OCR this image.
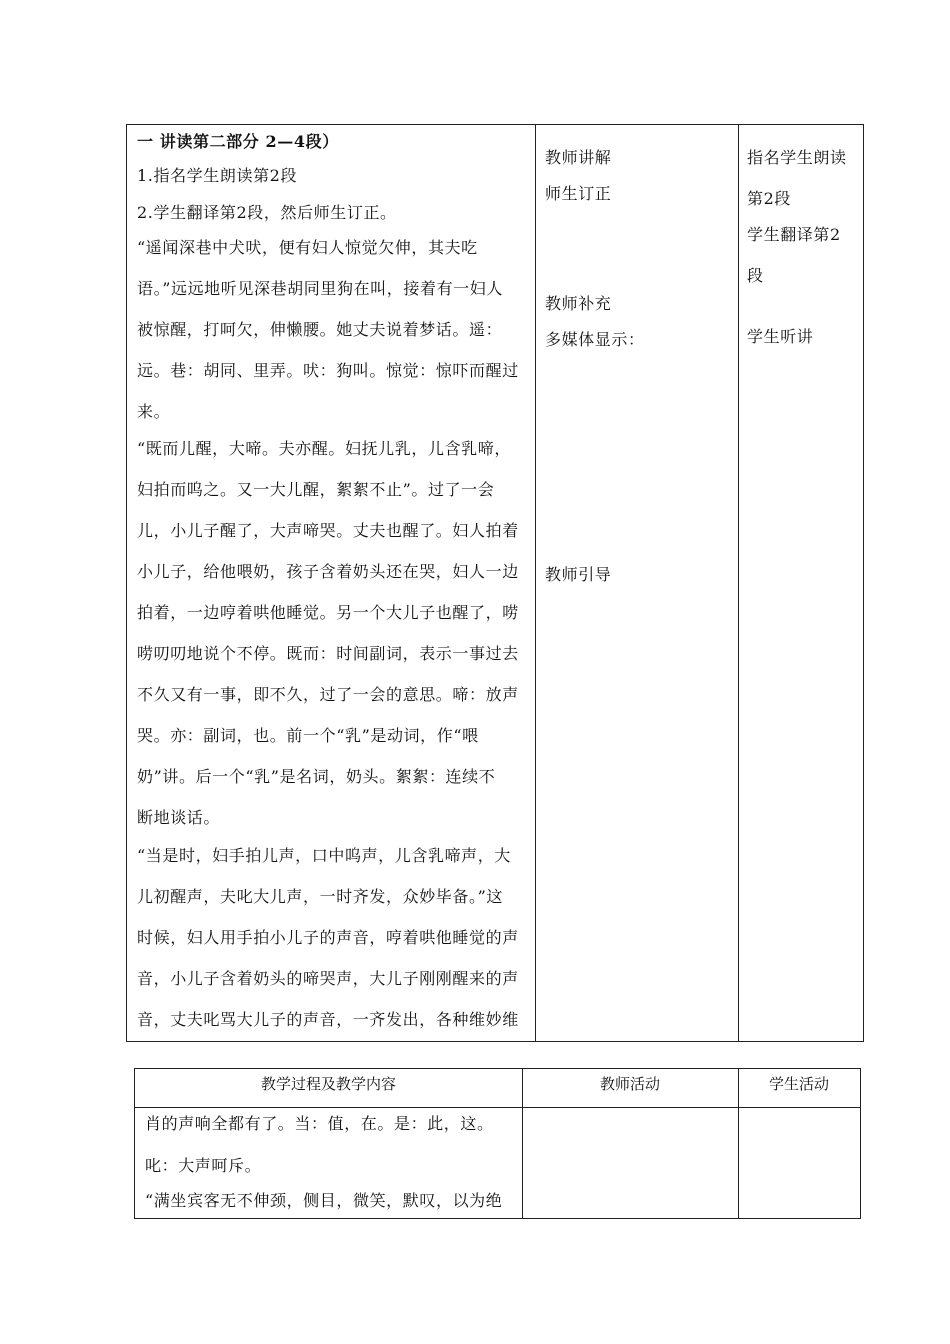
一 讲读第二部分 2—4段）
1.指名学生朗读第2段
2.学生翻译第2段，然后师生订正。
“遥闻深巷中犬吠，便有妇人惊觉欠伸，其夫吃
语。”远远地听见深巷胡同里狗在叫，接着有一妇人
被惊醒，打呵欠，伸懒腰。她丈夫说着梦话。遥：
远。巷：胡同、里弄。吠：狗叫。惊觉：惊吓而醒过
来。
“既而儿醒，大啼。夫亦醒。妇抚儿乳，儿含乳啼，
妇拍而呜之。又一大儿醒，絮絮不止”。过了一会
儿，小儿子醒了，大声啼哭。丈夫也醒了。妇人拍着
小儿子，给他喂奶，孩子含着奶头还在哭，妇人一边
拍着，一边哼着哄他睡觉。另一个大儿子也醒了，唠
唠叨叨地说个不停。既而：时间副词，表示一事过去
不久又有一事，即不久，过了一会的意思。啼：放声
哭。亦：副词，也。前一个“乳”是动词，作“喂
奶”讲。后一个“乳”是名词，奶头。絮絮：连续不
断地谈话。
“当是时，妇手拍儿声，口中呜声，儿含乳啼声，大
儿初醒声，夫叱大儿声，一时齐发，众妙毕备。”这
时候，妇人用手拍小儿子的声音，哼着哄他睡觉的声
音，小儿子含着奶头的啼哭声，大儿子刚刚醒来的声
音，丈夫叱骂大儿子的声音，一齐发出，各种维妙维
教师讲解
师生订正
教师补充
多媒体显示：
教师引导
指名学生朗读
第2段
学生翻译第2
段
学生听讲
教学过程及教学内容	教师活动	学生活动
肖的声响全都有了。当：值，在。是：此，这。
叱：大声呵斥。
“满坐宾客无不伸颈，侧目，微笑，默叹，以为绝
